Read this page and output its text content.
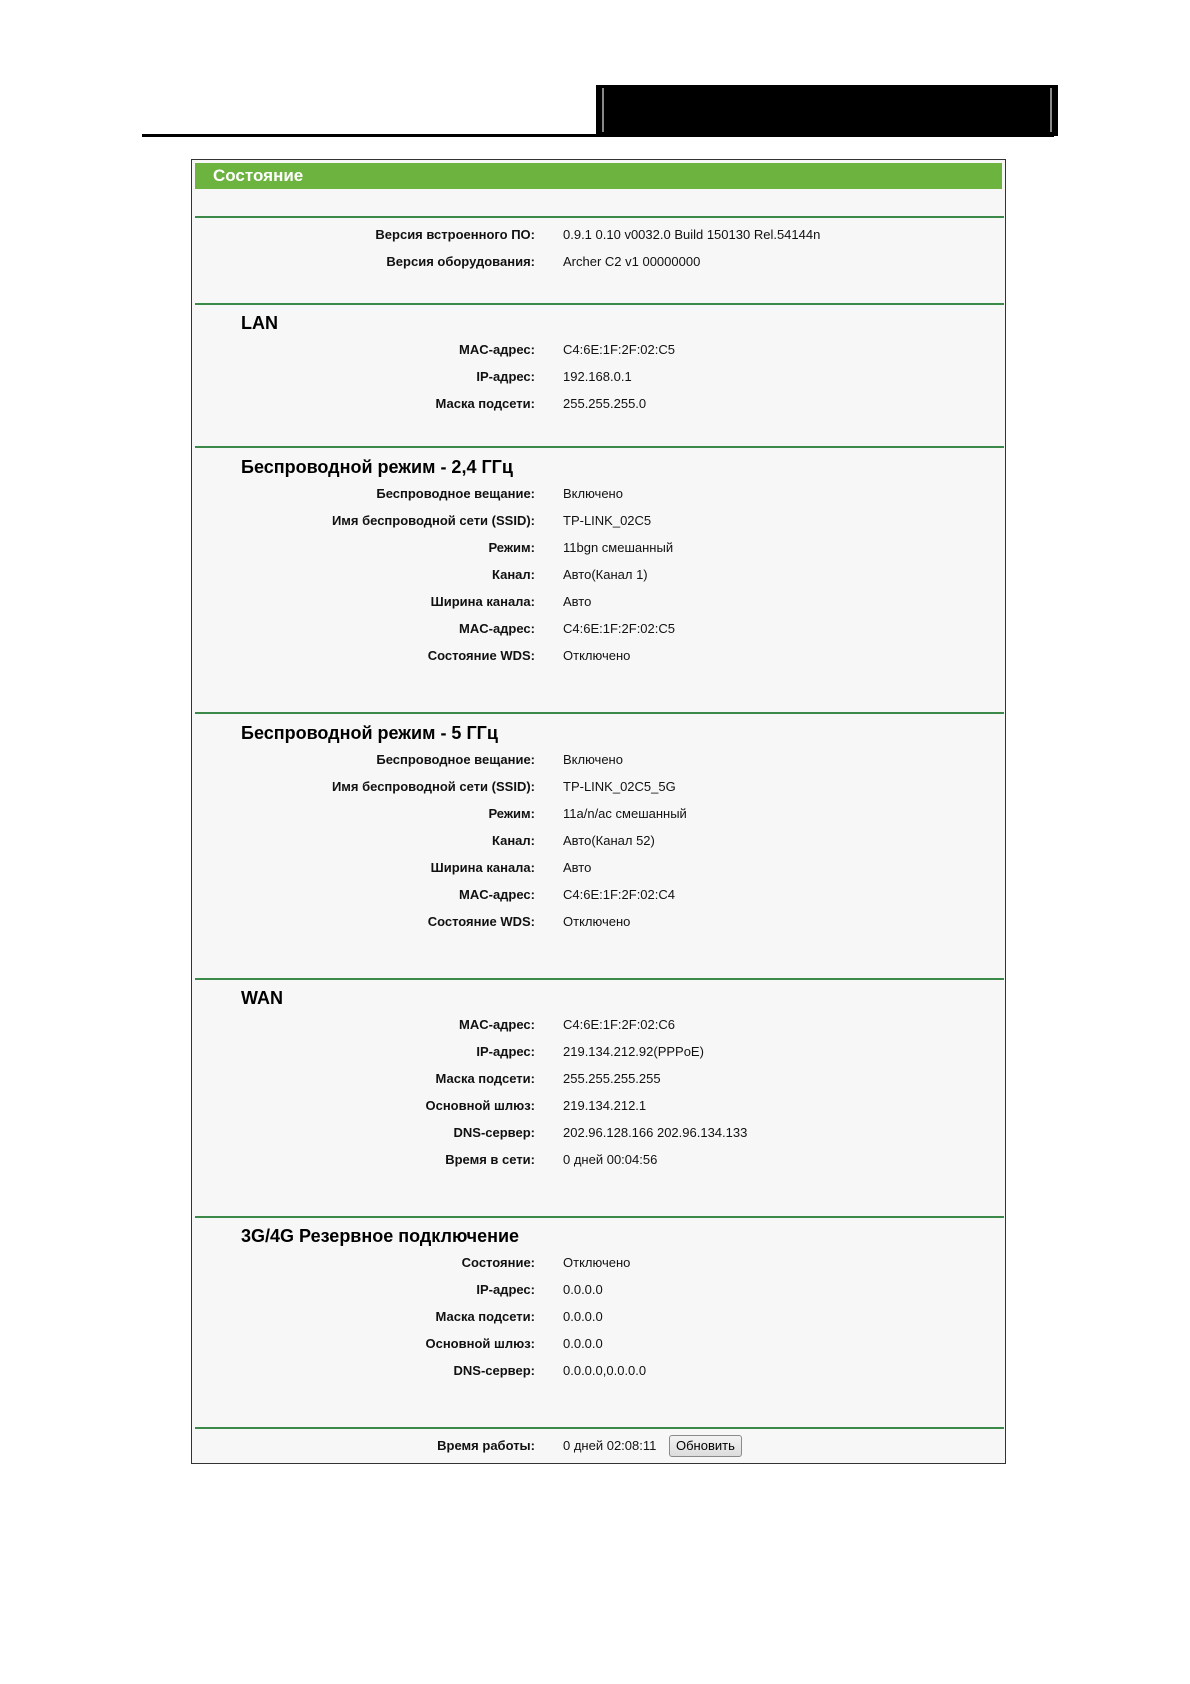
Состояние
Версия встроенного ПО: 0.9.1 0.10 v0032.0 Build 150130 Rel.54144n
Версия оборудования: Archer C2 v1 00000000
LAN
MAC-адрес: C4:6E:1F:2F:02:C5
IP-адрес: 192.168.0.1
Маска подсети: 255.255.255.0
Беспроводной режим - 2,4 ГГц
Беспроводное вещание: Включено
Имя беспроводной сети (SSID): TP-LINK_02C5
Режим: 11bgn смешанный
Канал: Авто(Канал 1)
Ширина канала: Авто
MAC-адрес: C4:6E:1F:2F:02:C5
Состояние WDS: Отключено
Беспроводной режим - 5 ГГц
Беспроводное вещание: Включено
Имя беспроводной сети (SSID): TP-LINK_02C5_5G
Режим: 11a/n/ac смешанный
Канал: Авто(Канал 52)
Ширина канала: Авто
MAC-адрес: C4:6E:1F:2F:02:C4
Состояние WDS: Отключено
WAN
MAC-адрес: C4:6E:1F:2F:02:C6
IP-адрес: 219.134.212.92(PPPoE)
Маска подсети: 255.255.255.255
Основной шлюз: 219.134.212.1
DNS-сервер: 202.96.128.166 202.96.134.133
Время в сети: 0 дней 00:04:56
3G/4G Резервное подключение
Состояние: Отключено
IP-адрес: 0.0.0.0
Маска подсети: 0.0.0.0
Основной шлюз: 0.0.0.0
DNS-сервер: 0.0.0.0,0.0.0.0
Время работы: 0 дней 02:08:11	Обновить
